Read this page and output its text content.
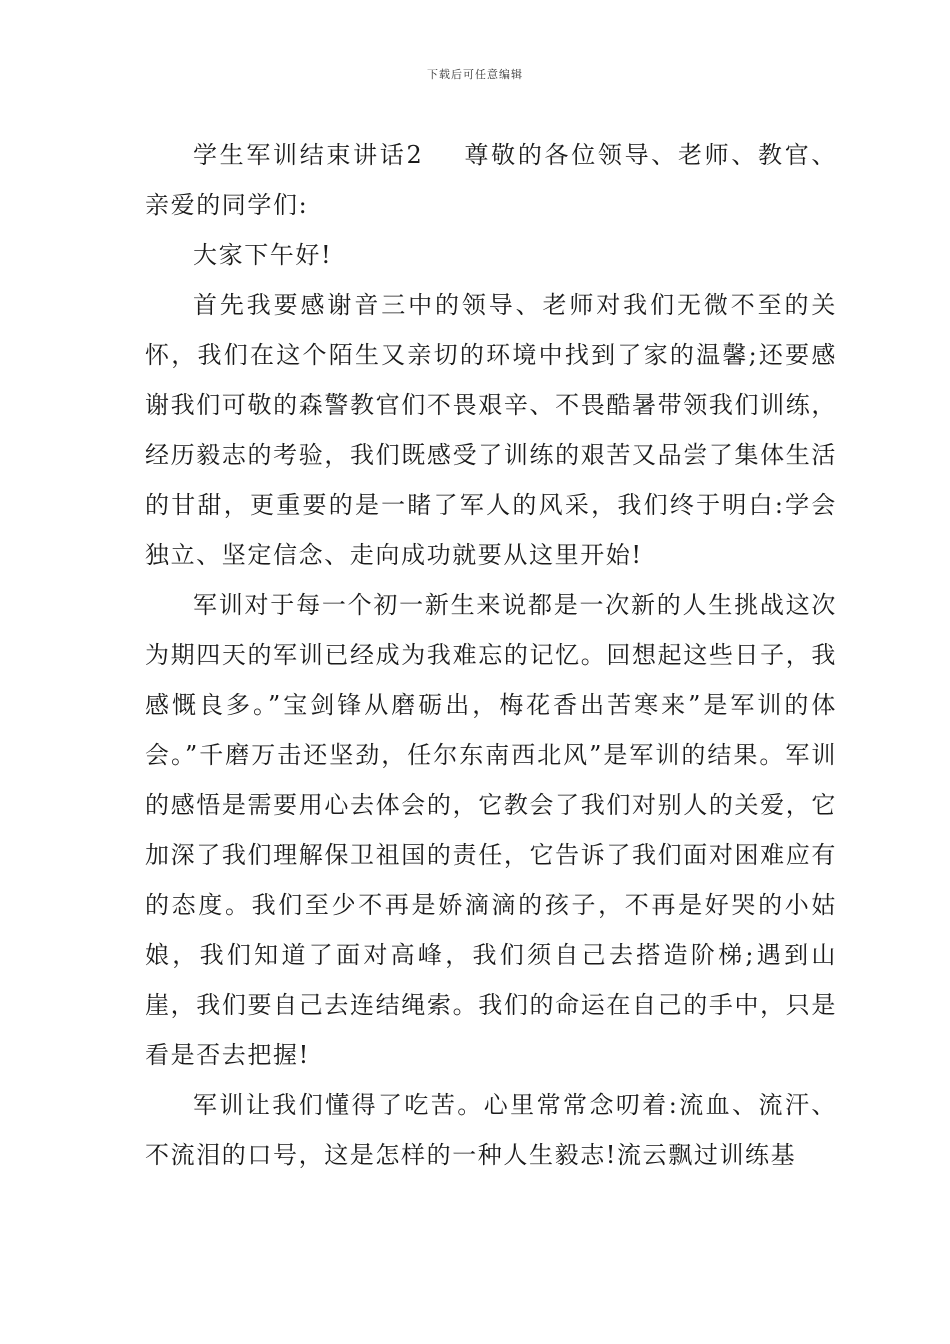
下载后可任意编辑

学生军训结束讲话2 尊敬的各位领导、老师、教官、亲爱的同学们:

大家下午好!

首先我要感谢音三中的领导、老师对我们无微不至的关怀，我们在这个陌生又亲切的环境中找到了家的温馨;还要感谢我们可敬的森警教官们不畏艰辛、不畏酷暑带领我们训练，经历毅志的考验，我们既感受了训练的艰苦又品尝了集体生活的甘甜，更重要的是一睹了军人的风采，我们终于明白:学会独立、坚定信念、走向成功就要从这里开始!

军训对于每一个初一新生来说都是一次新的人生挑战这次为期四天的军训已经成为我难忘的记忆。回想起这些日子，我感慨良多。”宝剑锋从磨砺出，梅花香出苦寒来”是军训的体会。”千磨万击还坚劲，任尔东南西北风”是军训的结果。军训的感悟是需要用心去体会的，它教会了我们对别人的关爱，它加深了我们理解保卫祖国的责任，它告诉了我们面对困难应有的态度。我们至少不再是娇滴滴的孩子，不再是好哭的小姑娘，我们知道了面对高峰，我们须自己去搭造阶梯;遇到山崖，我们要自己去连结绳索。我们的命运在自己的手中，只是看是否去把握!

军训让我们懂得了吃苦。心里常常念叨着:流血、流汗、不流泪的口号，这是怎样的一种人生毅志!流云飘过训练基
